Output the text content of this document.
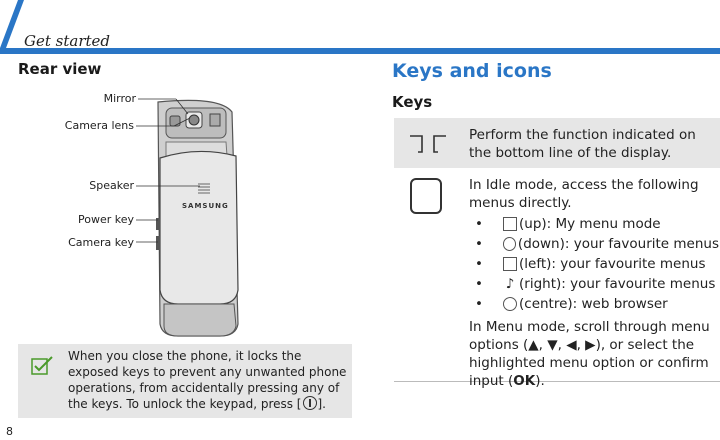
Get started
Rear view
Mirror
Camera lens
Speaker
Power key
Camera key
SAMSUNG
When you close the phone, it locks the exposed keys to prevent any unwanted phone operations, from accidentally pressing any of the keys. To unlock the keypad, press [ ].
8
Keys and icons
Keys
Perform the function indicated on the bottom line of the display.
In Idle mode, access the following menus directly.
•	(up): My menu mode
•	(down): your favourite menus
•	(left): your favourite menus
• ♪ (right): your favourite menus
•	(centre): web browser
In Menu mode, scroll through menu options (▲, ▼, ◀, ▶), or select the highlighted menu option or confirm input (OK).
